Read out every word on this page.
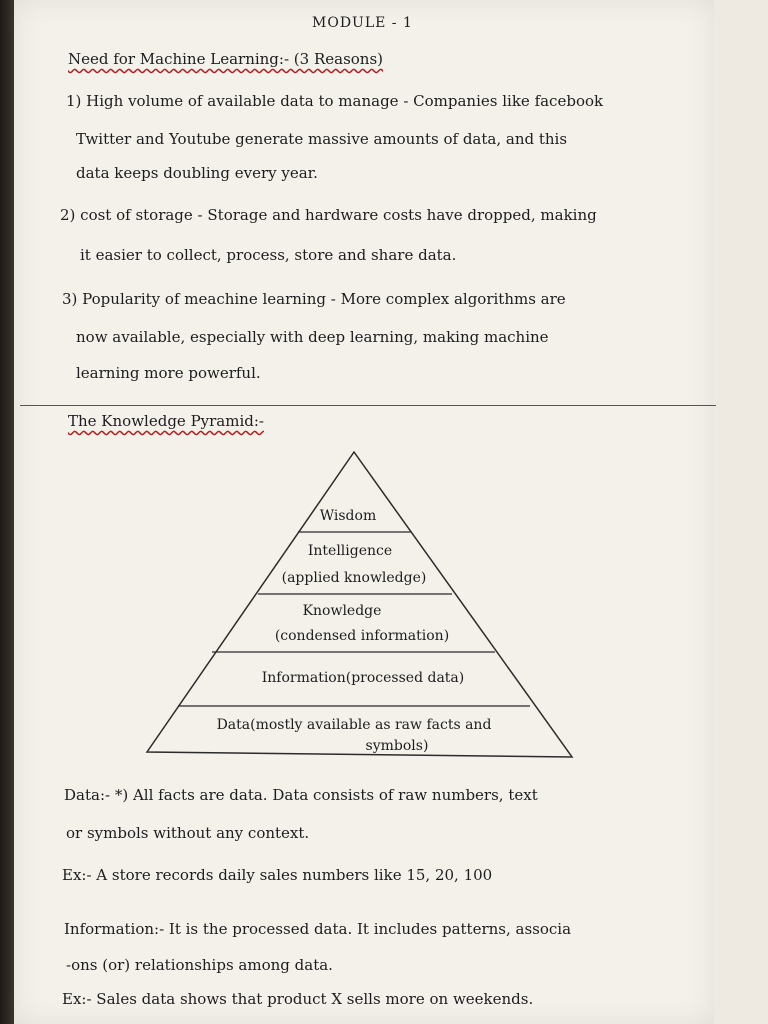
MODULE - 1
Need for Machine Learning:- (3 Reasons)
1) High volume of available data to manage - Companies like facebook
Twitter and Youtube generate massive amounts of data, and this
data keeps doubling every year.
2) cost of storage - Storage and hardware costs have dropped, making
it easier to collect, process, store and share data.
3) Popularity of meachine learning - More complex algorithms are
now available, especially with deep learning, making machine
learning more powerful.
The Knowledge Pyramid:-
Wisdom
Intelligence
(applied knowledge)
Knowledge
(condensed information)
Information(processed data)
Data(mostly available as raw facts and
symbols)
Data:- *) All facts are data. Data consists of raw numbers, text
or symbols without any context.
Ex:- A store records daily sales numbers like 15, 20, 100
Information:- It is the processed data. It includes patterns, associa
-ons (or) relationships among data.
Ex:- Sales data shows that product X sells more on weekends.
